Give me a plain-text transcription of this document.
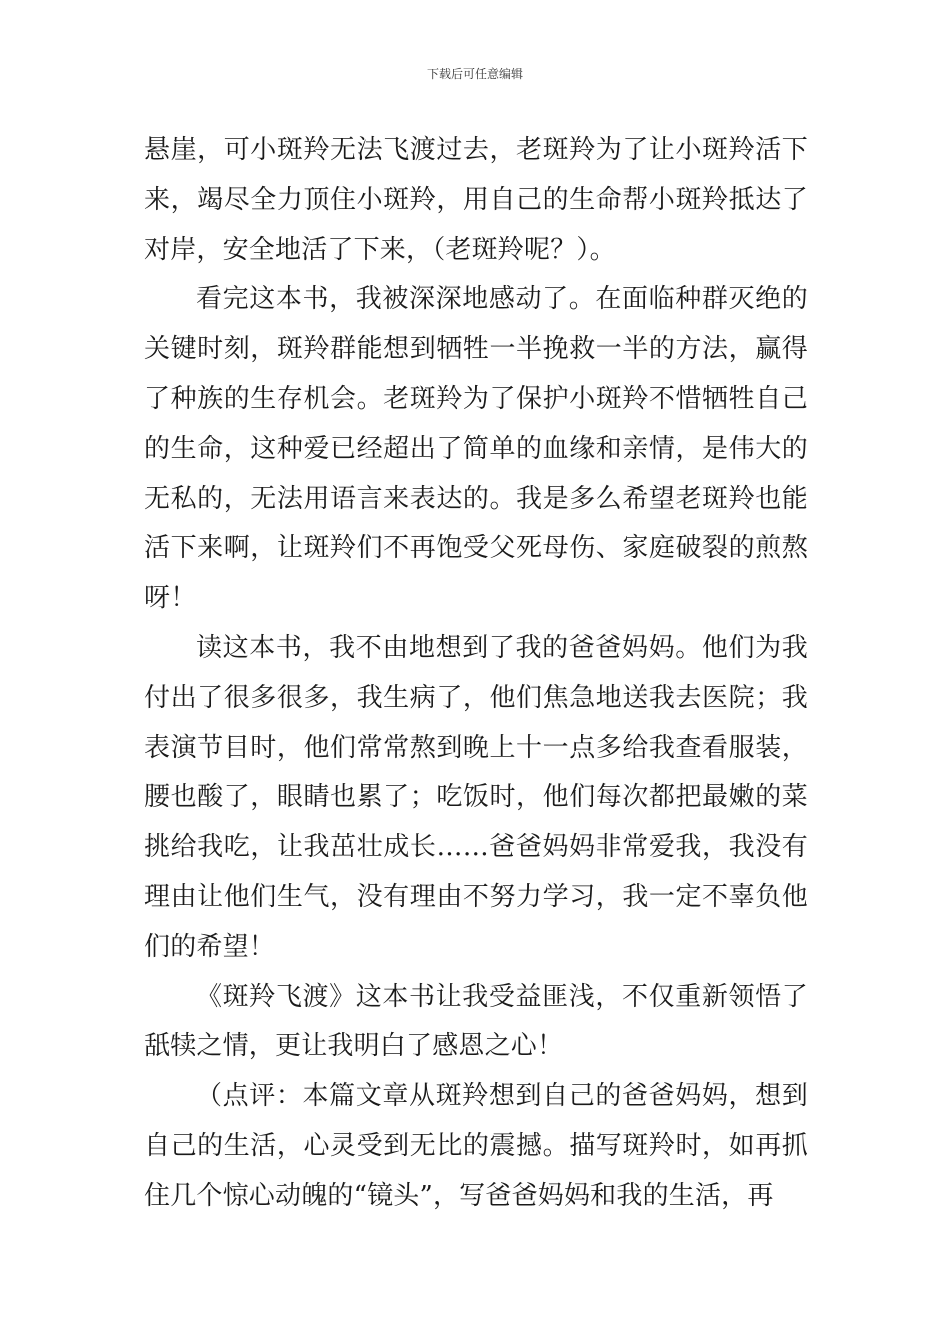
下载后可任意编辑

悬崖，可小斑羚无法飞渡过去，老斑羚为了让小斑羚活下来，竭尽全力顶住小斑羚，用自己的生命帮小斑羚抵达了对岸，安全地活了下来，（老斑羚呢？）。

看完这本书，我被深深地感动了。在面临种群灭绝的关键时刻，斑羚群能想到牺牲一半挽救一半的方法，赢得了种族的生存机会。老斑羚为了保护小斑羚不惜牺牲自己的生命，这种爱已经超出了简单的血缘和亲情，是伟大的无私的，无法用语言来表达的。我是多么希望老斑羚也能活下来啊，让斑羚们不再饱受父死母伤、家庭破裂的煎熬呀！

读这本书，我不由地想到了我的爸爸妈妈。他们为我付出了很多很多，我生病了，他们焦急地送我去医院；我表演节目时，他们常常熬到晚上十一点多给我查看服装，腰也酸了，眼睛也累了；吃饭时，他们每次都把最嫩的菜挑给我吃，让我茁壮成长……爸爸妈妈非常爱我，我没有理由让他们生气，没有理由不努力学习，我一定不辜负他们的希望！

《斑羚飞渡》这本书让我受益匪浅，不仅重新领悟了舐犊之情，更让我明白了感恩之心！

（点评：本篇文章从斑羚想到自己的爸爸妈妈，想到自己的生活，心灵受到无比的震撼。描写斑羚时，如再抓住几个惊心动魄的“镜头”，写爸爸妈妈和我的生活，再
